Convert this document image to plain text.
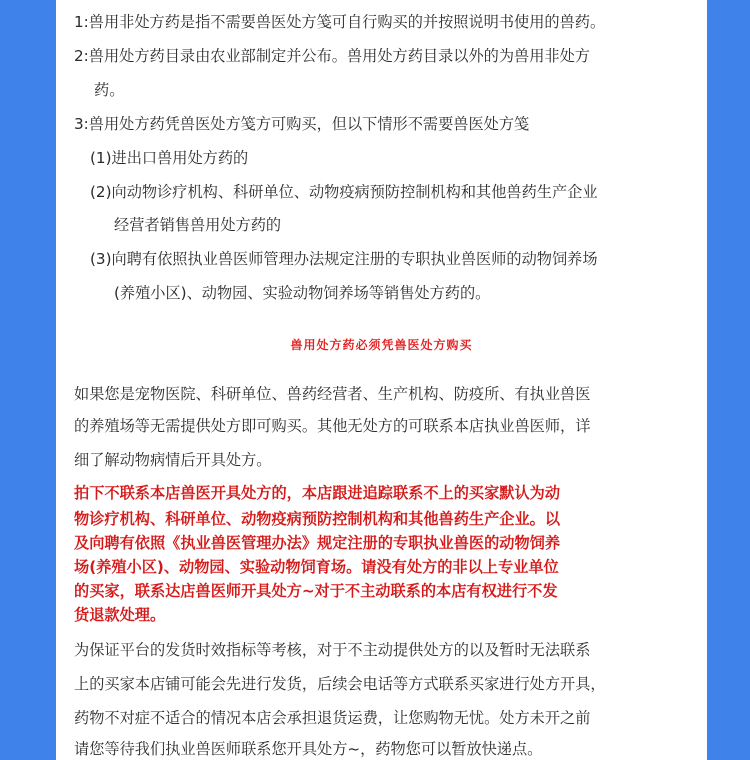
1:兽用非处方药是指不需要兽医处方笺可自行购买的并按照说明书使用的兽药。

2:兽用处方药目录由农业部制定并公布。兽用处方药目录以外的为兽用非处方

药。

3:兽用处方药凭兽医处方笺方可购买，但以下情形不需要兽医处方笺

(1)进出口兽用处方药的

(2)向动物诊疗机构、科研单位、动物疫病预防控制机构和其他兽药生产企业

经营者销售兽用处方药的

(3)向聘有依照执业兽医师管理办法规定注册的专职执业兽医师的动物饲养场

(养殖小区)、动物园、实验动物饲养场等销售处方药的。

兽用处方药必须凭兽医处方购买

如果您是宠物医院、科研单位、兽药经营者、生产机构、防疫所、有执业兽医

的养殖场等无需提供处方即可购买。其他无处方的可联系本店执业兽医师，详

细了解动物病情后开具处方。

拍下不联系本店兽医开具处方的，本店跟进追踪联系不上的买家默认为动

物诊疗机构、科研单位、动物疫病预防控制机构和其他兽药生产企业。以

及向聘有依照《执业兽医管理办法》规定注册的专职执业兽医的动物饲养

场(养殖小区)、动物园、实验动物饲育场。请没有处方的非以上专业单位

的买家，联系达店兽医师开具处方~对于不主动联系的本店有权进行不发

货退款处理。

为保证平台的发货时效指标等考核，对于不主动提供处方的以及暂时无法联系

上的买家本店铺可能会先进行发货，后续会电话等方式联系买家进行处方开具，

药物不对症不适合的情况本店会承担退货运费，让您购物无忧。处方未开之前

请您等待我们执业兽医师联系您开具处方~，药物您可以暂放快递点。
